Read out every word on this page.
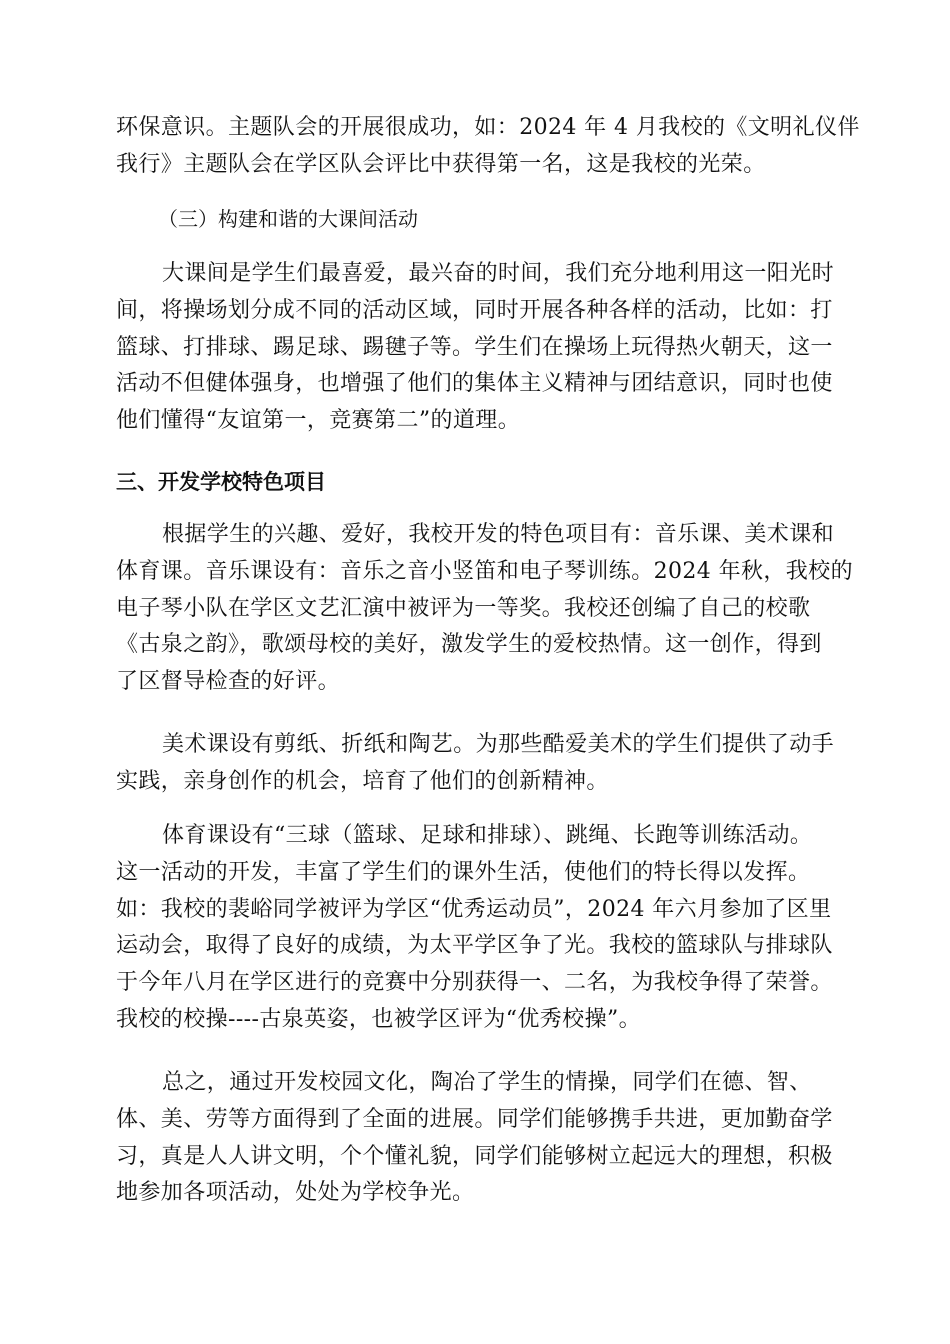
环保意识。主题队会的开展很成功，如：2024 年 4 月我校的《文明礼仪伴
我行》主题队会在学区队会评比中获得第一名，这是我校的光荣。

（三）构建和谐的大课间活动

大课间是学生们最喜爱，最兴奋的时间，我们充分地利用这一阳光时

间，将操场划分成不同的活动区域，同时开展各种各样的活动，比如：打
篮球、打排球、踢足球、踢毽子等。学生们在操场上玩得热火朝天，这一
活动不但健体强身，也增强了他们的集体主义精神与团结意识，同时也使
他们懂得“友谊第一，竞赛第二”的道理。

三、开发学校特色项目

根据学生的兴趣、爱好，我校开发的特色项目有：音乐课、美术课和

体育课。音乐课设有：音乐之音小竖笛和电子琴训练。2024 年秋，我校的
电子琴小队在学区文艺汇演中被评为一等奖。我校还创编了自己的校歌
《古泉之韵》，歌颂母校的美好，激发学生的爱校热情。这一创作，得到
了区督导检查的好评。

美术课设有剪纸、折纸和陶艺。为那些酷爱美术的学生们提供了动手

实践，亲身创作的机会，培育了他们的创新精神。

体育课设有“三球（篮球、足球和排球）、跳绳、长跑等训练活动。

这一活动的开发，丰富了学生们的课外生活，使他们的特长得以发挥。
如：我校的裴峪同学被评为学区“优秀运动员”，2024 年六月参加了区里
运动会，取得了良好的成绩，为太平学区争了光。我校的篮球队与排球队
于今年八月在学区进行的竞赛中分别获得一、二名，为我校争得了荣誉。
我校的校操----古泉英姿，也被学区评为“优秀校操”。

总之，通过开发校园文化，陶冶了学生的情操，同学们在德、智、

体、美、劳等方面得到了全面的进展。同学们能够携手共进，更加勤奋学
习，真是人人讲文明，个个懂礼貌，同学们能够树立起远大的理想，积极
地参加各项活动，处处为学校争光。
